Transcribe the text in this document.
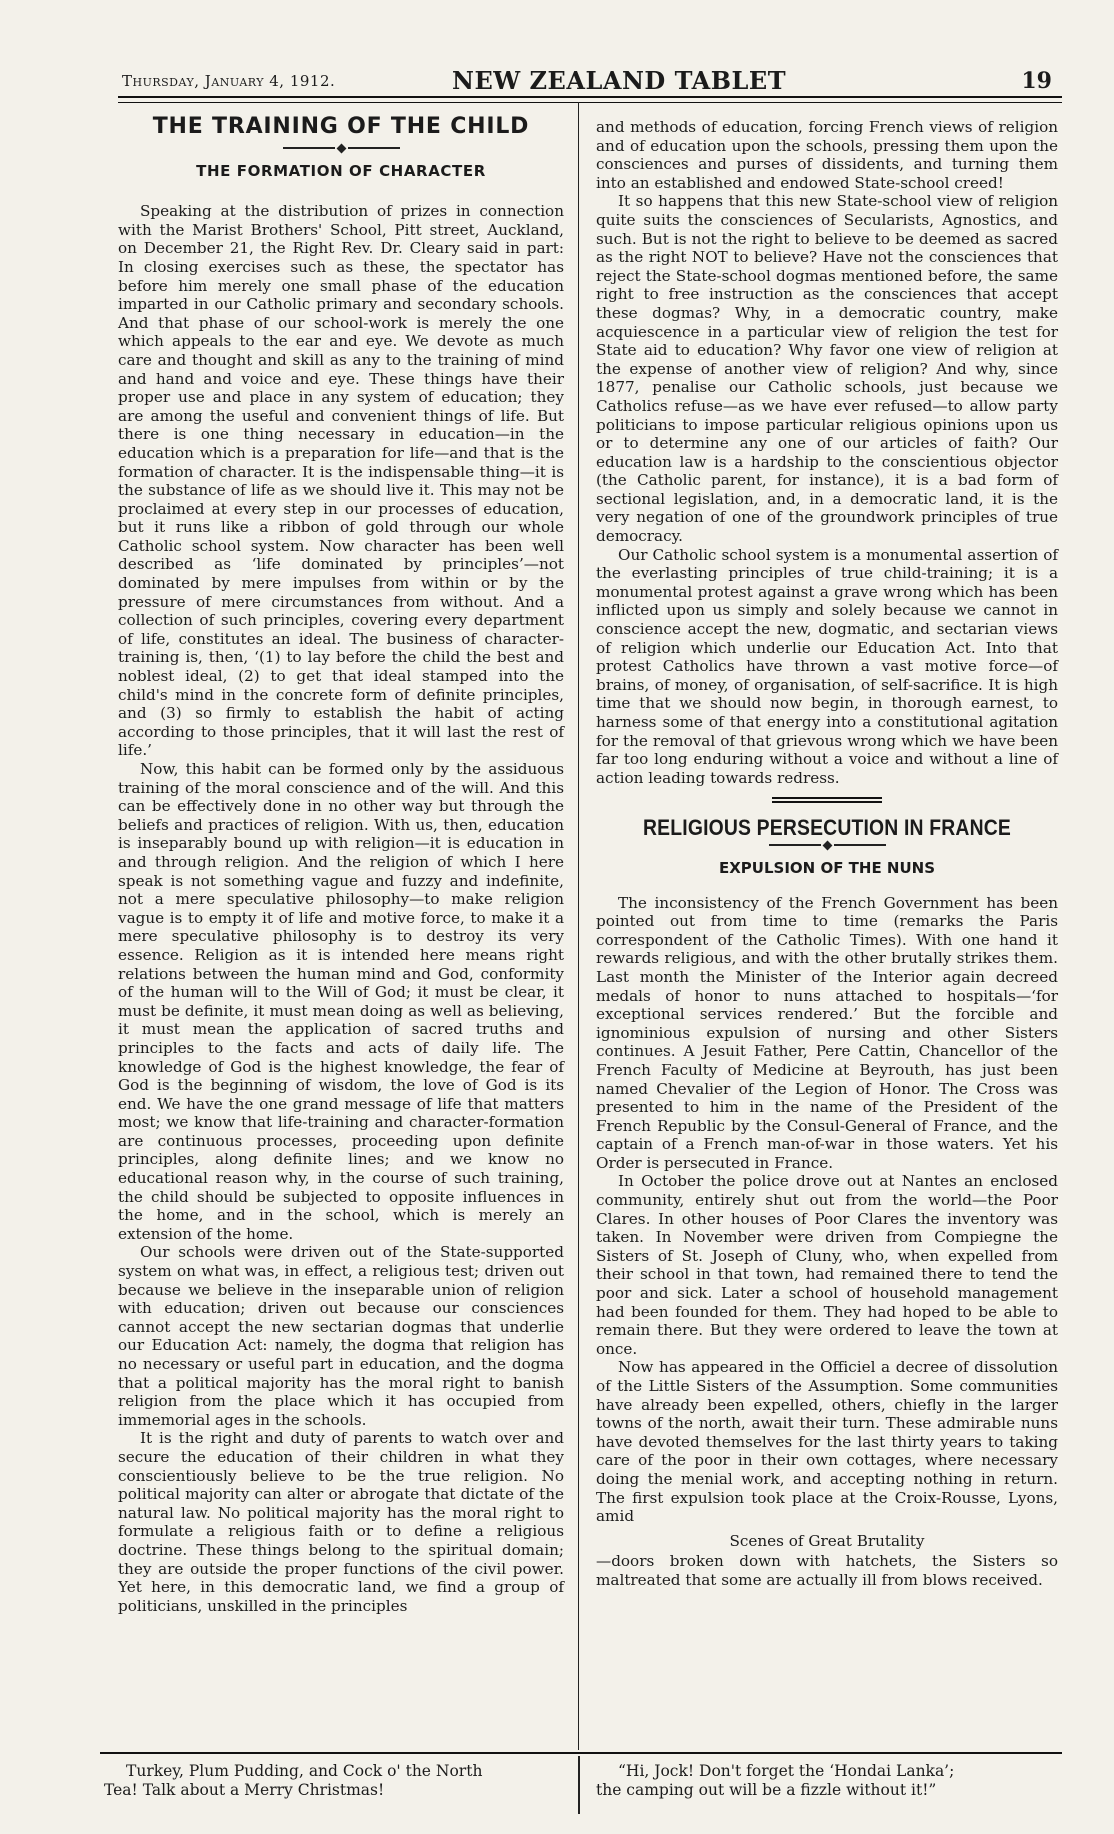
Thursday, January 4, 1912.	NEW ZEALAND TABLET	19
THE TRAINING OF THE CHILD
THE FORMATION OF CHARACTER

Speaking at the distribution of prizes in connection with the Marist Brothers' School, Pitt street, Auckland, on December 21, the Right Rev. Dr. Cleary said in part: In closing exercises such as these, the spectator has before him merely one small phase of the education imparted in our Catholic primary and secondary schools. And that phase of our school-work is merely the one which appeals to the ear and eye. We devote as much care and thought and skill as any to the training of mind and hand and voice and eye. These things have their proper use and place in any system of education; they are among the useful and convenient things of life. But there is one thing necessary in education—in the education which is a preparation for life—and that is the formation of character. It is the indispensable thing—it is the substance of life as we should live it. This may not be proclaimed at every step in our processes of education, but it runs like a ribbon of gold through our whole Catholic school system. Now character has been well described as ‘life dominated by principles’—not dominated by mere impulses from within or by the pressure of mere circumstances from without. And a collection of such principles, covering every department of life, constitutes an ideal. The business of character-training is, then, ‘(1) to lay before the child the best and noblest ideal, (2) to get that ideal stamped into the child's mind in the concrete form of definite principles, and (3) so firmly to establish the habit of acting according to those principles, that it will last the rest of life.’

Now, this habit can be formed only by the assiduous training of the moral conscience and of the will. And this can be effectively done in no other way but through the beliefs and practices of religion. With us, then, education is inseparably bound up with religion—it is education in and through religion. And the religion of which I here speak is not something vague and fuzzy and indefinite, not a mere speculative philosophy—to make religion vague is to empty it of life and motive force, to make it a mere speculative philosophy is to destroy its very essence. Religion as it is intended here means right relations between the human mind and God, conformity of the human will to the Will of God; it must be clear, it must be definite, it must mean doing as well as believing, it must mean the application of sacred truths and principles to the facts and acts of daily life. The knowledge of God is the highest knowledge, the fear of God is the beginning of wisdom, the love of God is its end. We have the one grand message of life that matters most; we know that life-training and character-formation are continuous processes, proceeding upon definite principles, along definite lines; and we know no educational reason why, in the course of such training, the child should be subjected to opposite influences in the home, and in the school, which is merely an extension of the home.

Our schools were driven out of the State-supported system on what was, in effect, a religious test; driven out because we believe in the inseparable union of religion with education; driven out because our consciences cannot accept the new sectarian dogmas that underlie our Education Act: namely, the dogma that religion has no necessary or useful part in education, and the dogma that a political majority has the moral right to banish religion from the place which it has occupied from immemorial ages in the schools.

It is the right and duty of parents to watch over and secure the education of their children in what they conscientiously believe to be the true religion. No political majority can alter or abrogate that dictate of the natural law. No political majority has the moral right to formulate a religious faith or to define a religious doctrine. These things belong to the spiritual domain; they are outside the proper functions of the civil power. Yet here, in this democratic land, we find a group of politicians, unskilled in the principles

and methods of education, forcing French views of religion and of education upon the schools, pressing them upon the consciences and purses of dissidents, and turning them into an established and endowed State-school creed!

It so happens that this new State-school view of religion quite suits the consciences of Secularists, Agnostics, and such. But is not the right to believe to be deemed as sacred as the right NOT to believe? Have not the consciences that reject the State-school dogmas mentioned before, the same right to free instruction as the consciences that accept these dogmas? Why, in a democratic country, make acquiescence in a particular view of religion the test for State aid to education? Why favor one view of religion at the expense of another view of religion? And why, since 1877, penalise our Catholic schools, just because we Catholics refuse—as we have ever refused—to allow party politicians to impose particular religious opinions upon us or to determine any one of our articles of faith? Our education law is a hardship to the conscientious objector (the Catholic parent, for instance), it is a bad form of sectional legislation, and, in a democratic land, it is the very negation of one of the groundwork principles of true democracy.

Our Catholic school system is a monumental assertion of the everlasting principles of true child-training; it is a monumental protest against a grave wrong which has been inflicted upon us simply and solely because we cannot in conscience accept the new, dogmatic, and sectarian views of religion which underlie our Education Act. Into that protest Catholics have thrown a vast motive force—of brains, of money, of organisation, of self-sacrifice. It is high time that we should now begin, in thorough earnest, to harness some of that energy into a constitutional agitation for the removal of that grievous wrong which we have been far too long enduring without a voice and without a line of action leading towards redress.

RELIGIOUS PERSECUTION IN FRANCE
EXPULSION OF THE NUNS

The inconsistency of the French Government has been pointed out from time to time (remarks the Paris correspondent of the Catholic Times). With one hand it rewards religious, and with the other brutally strikes them. Last month the Minister of the Interior again decreed medals of honor to nuns attached to hospitals—‘for exceptional services rendered.’ But the forcible and ignominious expulsion of nursing and other Sisters continues. A Jesuit Father, Pere Cattin, Chancellor of the French Faculty of Medicine at Beyrouth, has just been named Chevalier of the Legion of Honor. The Cross was presented to him in the name of the President of the French Republic by the Consul-General of France, and the captain of a French man-of-war in those waters. Yet his Order is persecuted in France.

In October the police drove out at Nantes an enclosed community, entirely shut out from the world—the Poor Clares. In other houses of Poor Clares the inventory was taken. In November were driven from Compiegne the Sisters of St. Joseph of Cluny, who, when expelled from their school in that town, had remained there to tend the poor and sick. Later a school of household management had been founded for them. They had hoped to be able to remain there. But they were ordered to leave the town at once.

Now has appeared in the Officiel a decree of dissolution of the Little Sisters of the Assumption. Some communities have already been expelled, others, chiefly in the larger towns of the north, await their turn. These admirable nuns have devoted themselves for the last thirty years to taking care of the poor in their own cottages, where necessary doing the menial work, and accepting nothing in return. The first expulsion took place at the Croix-Rousse, Lyons, amid

Scenes of Great Brutality

—doors broken down with hatchets, the Sisters so maltreated that some are actually ill from blows received.

Turkey, Plum Pudding, and Cock o' the North
Tea! Talk about a Merry Christmas!
“Hi, Jock! Don't forget the ‘Hondai Lanka’;
the camping out will be a fizzle without it!”
